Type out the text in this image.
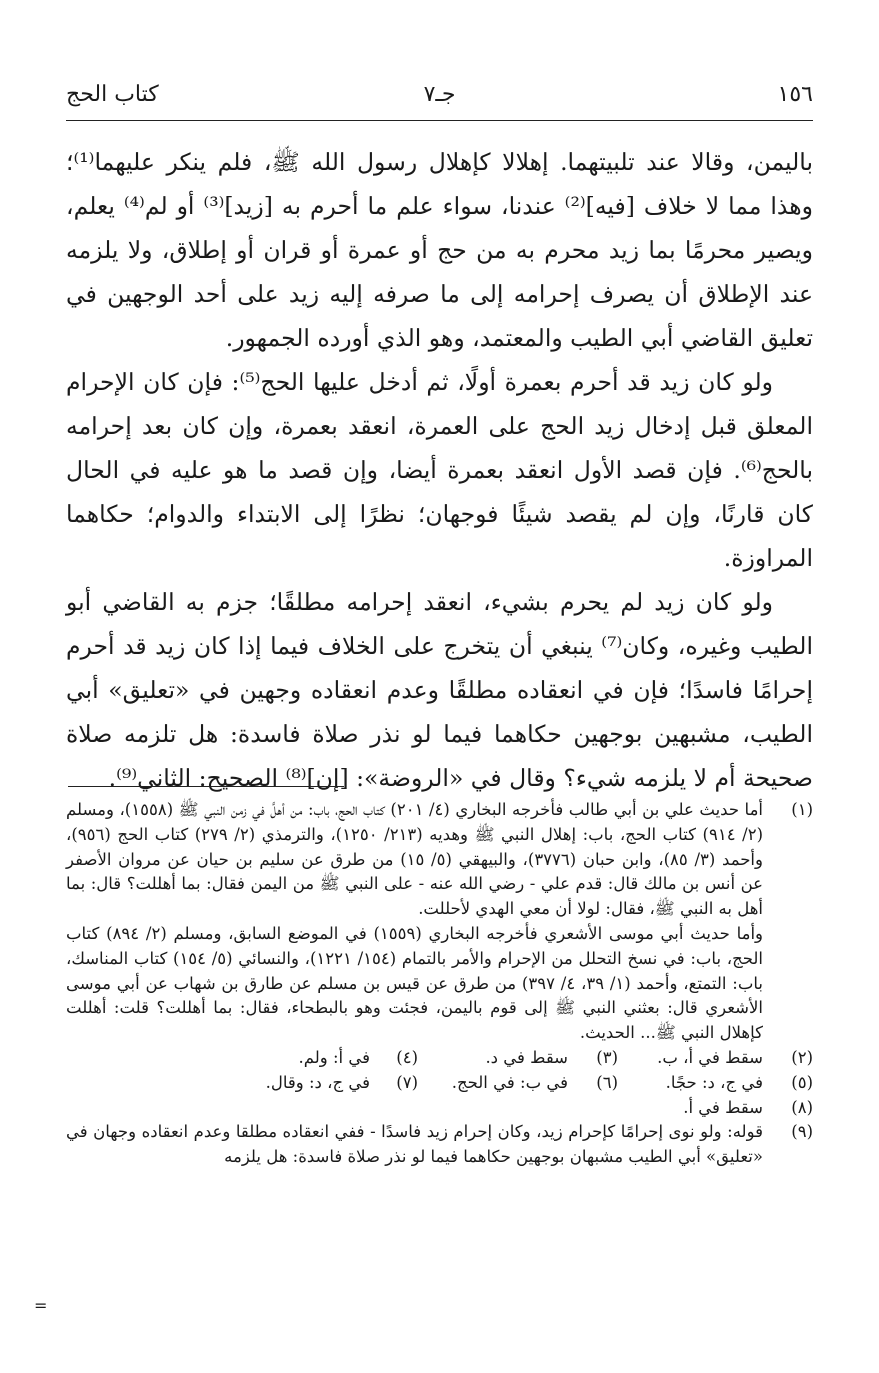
١٥٦
جـ٧
كتاب الحج

باليمن، وقالا عند تلبيتهما. إهلالا كإهلال رسول الله ﷺ، فلم ينكر عليهما⁽¹⁾؛ وهذا مما لا خلاف [فيه]⁽²⁾ عندنا، سواء علم ما أحرم به [زيد]⁽³⁾ أو لم⁽⁴⁾ يعلم، ويصير محرمًا بما زيد محرم به من حج أو عمرة أو قران أو إطلاق، ولا يلزمه عند الإطلاق أن يصرف إحرامه إلى ما صرفه إليه زيد على أحد الوجهين في تعليق القاضي أبي الطيب والمعتمد، وهو الذي أورده الجمهور.

ولو كان زيد قد أحرم بعمرة أولًا، ثم أدخل عليها الحج⁽⁵⁾: فإن كان الإحرام المعلق قبل إدخال زيد الحج على العمرة، انعقد بعمرة، وإن كان بعد إحرامه بالحج⁽⁶⁾. فإن قصد الأول انعقد بعمرة أيضا، وإن قصد ما هو عليه في الحال كان قارنًا، وإن لم يقصد شيئًا فوجهان؛ نظرًا إلى الابتداء والدوام؛ حكاهما المراوزة.

ولو كان زيد لم يحرم بشيء، انعقد إحرامه مطلقًا؛ جزم به القاضي أبو الطيب وغيره، وكان⁽⁷⁾ ينبغي أن يتخرج على الخلاف فيما إذا كان زيد قد أحرم إحرامًا فاسدًا؛ فإن في انعقاده مطلقًا وعدم انعقاده وجهين في «تعليق» أبي الطيب، مشبهين بوجهين حكاهما فيما لو نذر صلاة فاسدة: هل تلزمه صلاة صحيحة أم لا يلزمه شيء؟ وقال في «الروضة»: [إن]⁽⁸⁾ الصحيح: الثاني⁽⁹⁾.

(١)
أما حديث علي بن أبي طالب فأخرجه البخاري (٤/ ٢٠١) كتاب الحج، باب: من أهلَّ في زمن النبي ﷺ (١٥٥٨)، ومسلم (٢/ ٩١٤) كتاب الحج، باب: إهلال النبي ﷺ وهديه (٢١٣/ ١٢٥٠)، والترمذي (٢/ ٢٧٩) كتاب الحج (٩٥٦)، وأحمد (٣/ ٨٥)، وابن حبان (٣٧٧٦)، والبيهقي (٥/ ١٥) من طرق عن سليم بن حيان عن مروان الأصفر عن أنس بن مالك قال: قدم علي - رضي الله عنه - على النبي ﷺ من اليمن فقال: بما أهللت؟ قال: بما أهل به النبي ﷺ، فقال: لولا أن معي الهدي لأحللت.
وأما حديث أبي موسى الأشعري فأخرجه البخاري (١٥٥٩) في الموضع السابق، ومسلم (٢/ ٨٩٤) كتاب الحج، باب: في نسخ التحلل من الإحرام والأمر بالتمام (١٥٤/ ١٢٢١)، والنسائي (٥/ ١٥٤) كتاب المناسك، باب: التمتع، وأحمد (١/ ٣٩، ٤/ ٣٩٧) من طرق عن قيس بن مسلم عن طارق بن شهاب عن أبي موسى الأشعري قال: بعثني النبي ﷺ إلى قوم باليمن، فجئت وهو بالبطحاء، فقال: بما أهللت؟ قلت: أهللت كإهلال النبي ﷺ... الحديث.
(٢)
سقط في أ، ب.
(٣)
سقط في د.
(٤)
في أ: ولم.
(٥)
في ج، د: حجًا.
(٦)
في ب: في الحج.
(٧)
في ج، د: وقال.
(٨)
سقط في أ.
(٩)
قوله: ولو نوى إحرامًا كإحرام زيد، وكان إحرام زيد فاسدًا - ففي انعقاده مطلقا وعدم انعقاده وجهان في «تعليق» أبي الطيب مشبهان بوجهين حكاهما فيما لو نذر صلاة فاسدة: هل يلزمه
=
